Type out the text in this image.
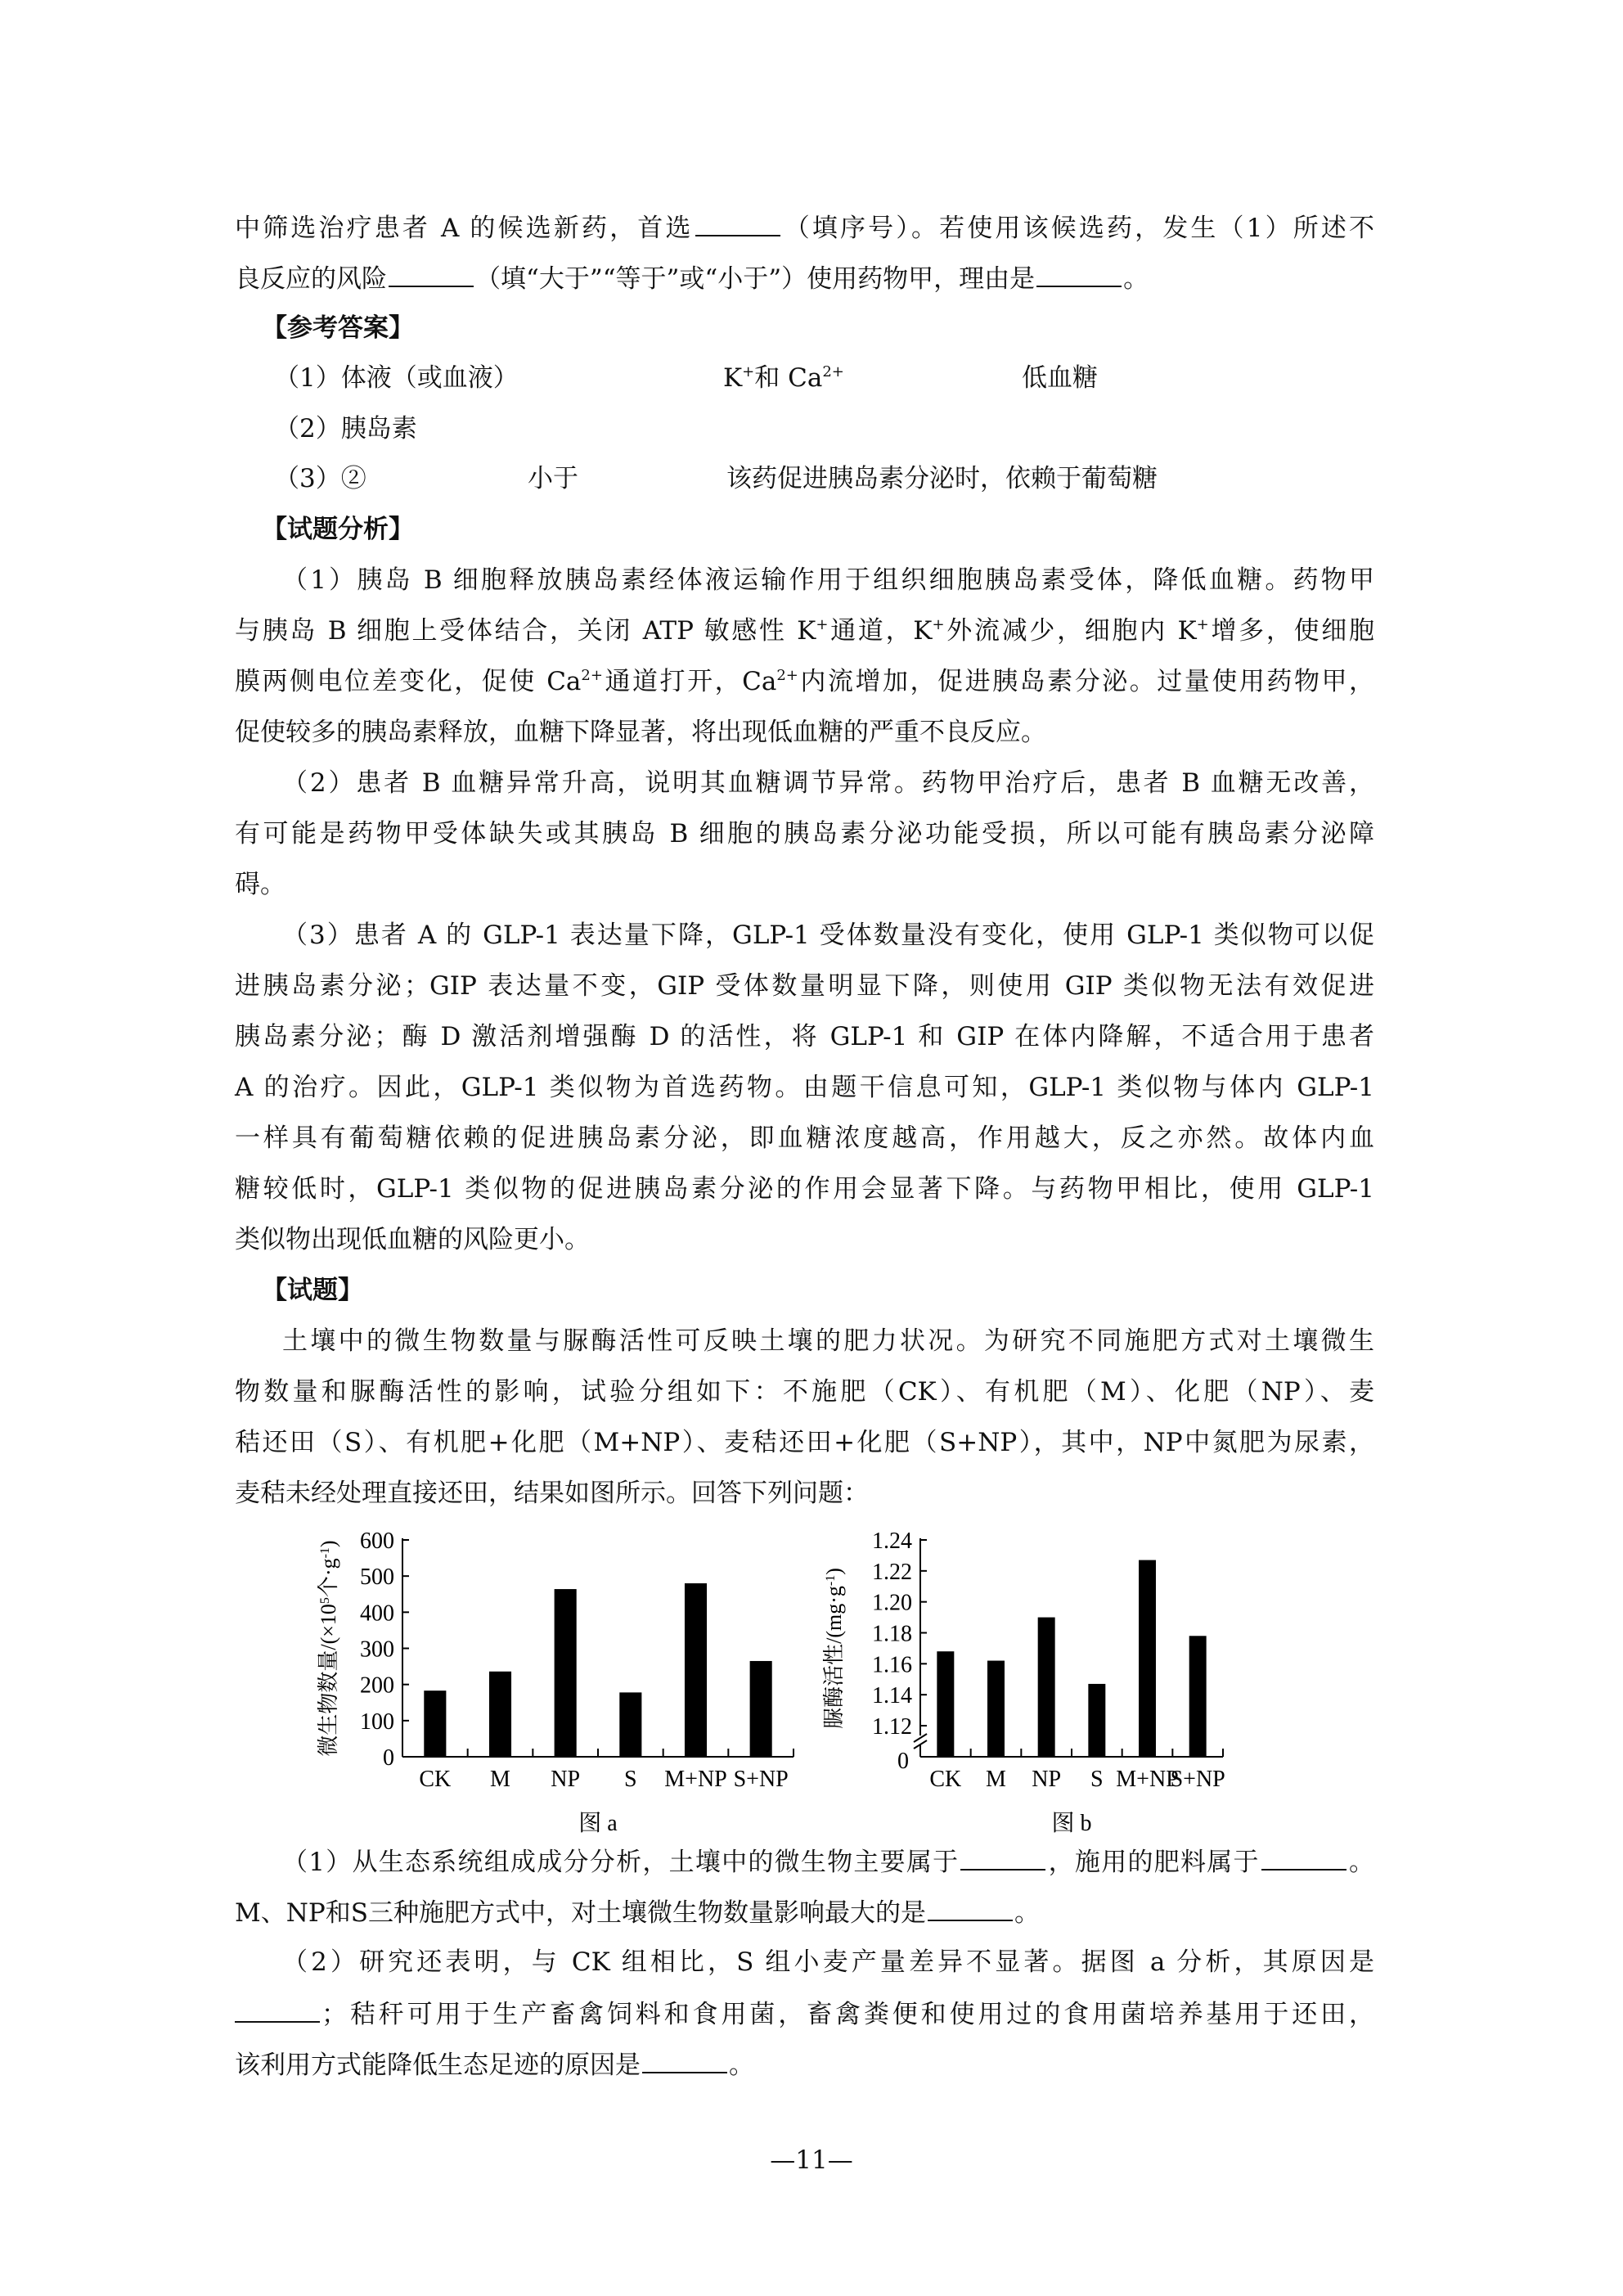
中筛选治疗患者 A 的候选新药，首选	（填序号）。若使用该候选药，发生（1）所述不
良反应的风险	（填“大于”“等于”或“小于”）使用药物甲，理由是	。
【参考答案】
（1）体液（或血液）	K+和 $Ca^{2+}$	低血糖
（2）胰岛素
（3）②	小于	该药促进胰岛素分泌时，依赖于葡萄糖
【试题分析】
（1）胰岛 B 细胞释放胰岛素经体液运输作用于组织细胞胰岛素受体，降低血糖。药物甲
与胰岛 B 细胞上受体结合，关闭 ATP 敏感性 K+通道，K+外流减少，细胞内 K+增多，使细胞
膜两侧电位差变化，促使 $Ca^{2+}$通道打开，$Ca^{2+}$内流增加，促进胰岛素分泌。过量使用药物甲，
促使较多的胰岛素释放，血糖下降显著，将出现低血糖的严重不良反应。
（2）患者 B 血糖异常升高，说明其血糖调节异常。药物甲治疗后，患者 B 血糖无改善，
有可能是药物甲受体缺失或其胰岛 B 细胞的胰岛素分泌功能受损，所以可能有胰岛素分泌障
碍。
（3）患者 A 的 GLP-1 表达量下降，GLP-1 受体数量没有变化，使用 GLP-1 类似物可以促
进胰岛素分泌；GIP 表达量不变，GIP 受体数量明显下降，则使用 GIP 类似物无法有效促进
胰岛素分泌；酶 D 激活剂增强酶 D 的活性，将 GLP-1 和 GIP 在体内降解，不适合用于患者
A 的治疗。因此，GLP-1 类似物为首选药物。由题干信息可知，GLP-1 类似物与体内 GLP-1
一样具有葡萄糖依赖的促进胰岛素分泌，即血糖浓度越高，作用越大，反之亦然。故体内血
糖较低时，GLP-1 类似物的促进胰岛素分泌的作用会显著下降。与药物甲相比，使用 GLP-1
类似物出现低血糖的风险更小。
【试题】
土壤中的微生物数量与脲酶活性可反映土壤的肥力状况。为研究不同施肥方式对土壤微生
物数量和脲酶活性的影响，试验分组如下：不施肥（CK）、有机肥（M）、化肥（NP）、麦
秸还田（S）、有机肥+化肥（M+NP）、麦秸还田+化肥（S+NP），其中，NP中氮肥为尿素，
麦秸未经处理直接还田，结果如图所示。回答下列问题：
0
100
200
300
400
500
600
CK M NP S M+NP S+NP
图 a
微生物数量$/(\times 10^5$个$\cdot g^{-1}$)
0
1.12
1.14
1.16
1.18
1.20
1.22
1.24
CK M NP S M+NP
S+NP
图 b
脲酶活性$/(mg\cdot g^{-1})$
（1）从生态系统组成成分分析，土壤中的微生物主要属于	，施用的肥料属于	。
M、NP和S三种施肥方式中，对土壤微生物数量影响最大的是	。
（2）研究还表明，与 CK 组相比，S 组小麦产量差异不显著。据图 a 分析，其原因是
；秸秆可用于生产畜禽饲料和食用菌，畜禽粪便和使用过的食用菌培养基用于还田，
该利用方式能降低生态足迹的原因是	。
—11—
